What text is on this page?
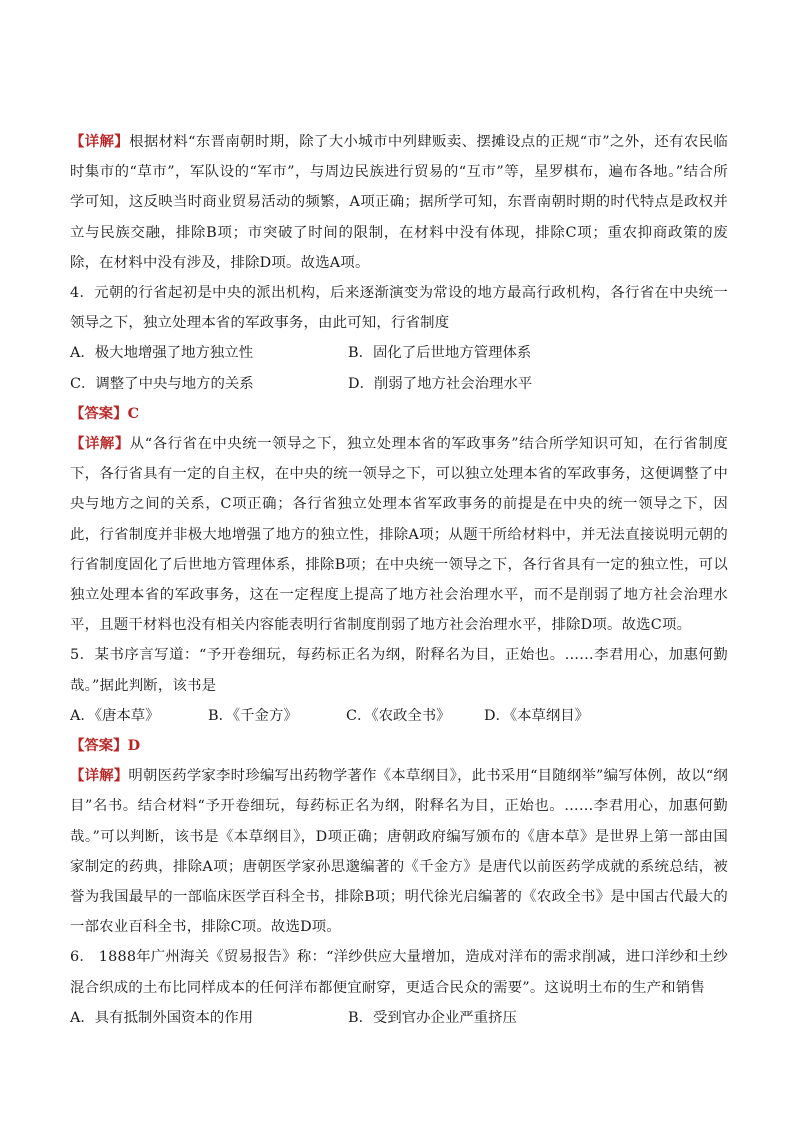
【详解】根据材料“东晋南朝时期，除了大小城市中列肆贩卖、摆摊设点的正规“市”之外，还有农民临时集市的“草市”，军队设的“军市”，与周边民族进行贸易的“互市”等，星罗棋布，遍布各地。”结合所学可知，这反映当时商业贸易活动的频繁，A项正确；据所学可知，东晋南朝时期的时代特点是政权并立与民族交融，排除B项；市突破了时间的限制，在材料中没有体现，排除C项；重农抑商政策的废除，在材料中没有涉及，排除D项。故选A项。

4．元朝的行省起初是中央的派出机构，后来逐渐演变为常设的地方最高行政机构，各行省在中央统一领导之下，独立处理本省的军政事务，由此可知，行省制度

A．极大地增强了地方独立性	B．固化了后世地方管理体系
C．调整了中央与地方的关系	D．削弱了地方社会治理水平
【答案】C

【详解】从“各行省在中央统一领导之下，独立处理本省的军政事务”结合所学知识可知，在行省制度下，各行省具有一定的自主权，在中央的统一领导之下，可以独立处理本省的军政事务，这便调整了中央与地方之间的关系，C项正确；各行省独立处理本省军政事务的前提是在中央的统一领导之下，因此，行省制度并非极大地增强了地方的独立性，排除A项；从题干所给材料中，并无法直接说明元朝的行省制度固化了后世地方管理体系，排除B项；在中央统一领导之下，各行省具有一定的独立性，可以独立处理本省的军政事务，这在一定程度上提高了地方社会治理水平，而不是削弱了地方社会治理水平，且题干材料也没有相关内容能表明行省制度削弱了地方社会治理水平，排除D项。故选C项。

5．某书序言写道：“予开卷细玩，每药标正名为纲，附释名为目，正始也。……李君用心，加惠何勤哉。”据此判断，该书是

A．《唐本草》	B．《千金方》	C．《农政全书》	D．《本草纲目》
【答案】D

【详解】明朝医药学家李时珍编写出药物学著作《本草纲目》，此书采用“目随纲举”编写体例，故以“纲目”名书。结合材料“予开卷细玩，每药标正名为纲，附释名为目，正始也。……李君用心，加惠何勤哉。”可以判断，该书是《本草纲目》，D项正确；唐朝政府编写颁布的《唐本草》是世界上第一部由国家制定的药典，排除A项；唐朝医学家孙思邈编著的《千金方》是唐代以前医药学成就的系统总结，被誉为我国最早的一部临床医学百科全书，排除B项；明代徐光启编著的《农政全书》是中国古代最大的一部农业百科全书，排除C项。故选D项。

6． 1888年广州海关《贸易报告》称：“洋纱供应大量增加，造成对洋布的需求削减，进口洋纱和土纱混合织成的土布比同样成本的任何洋布都便宜耐穿，更适合民众的需要”。这说明土布的生产和销售

A．具有抵制外国资本的作用	B．受到官办企业严重挤压
